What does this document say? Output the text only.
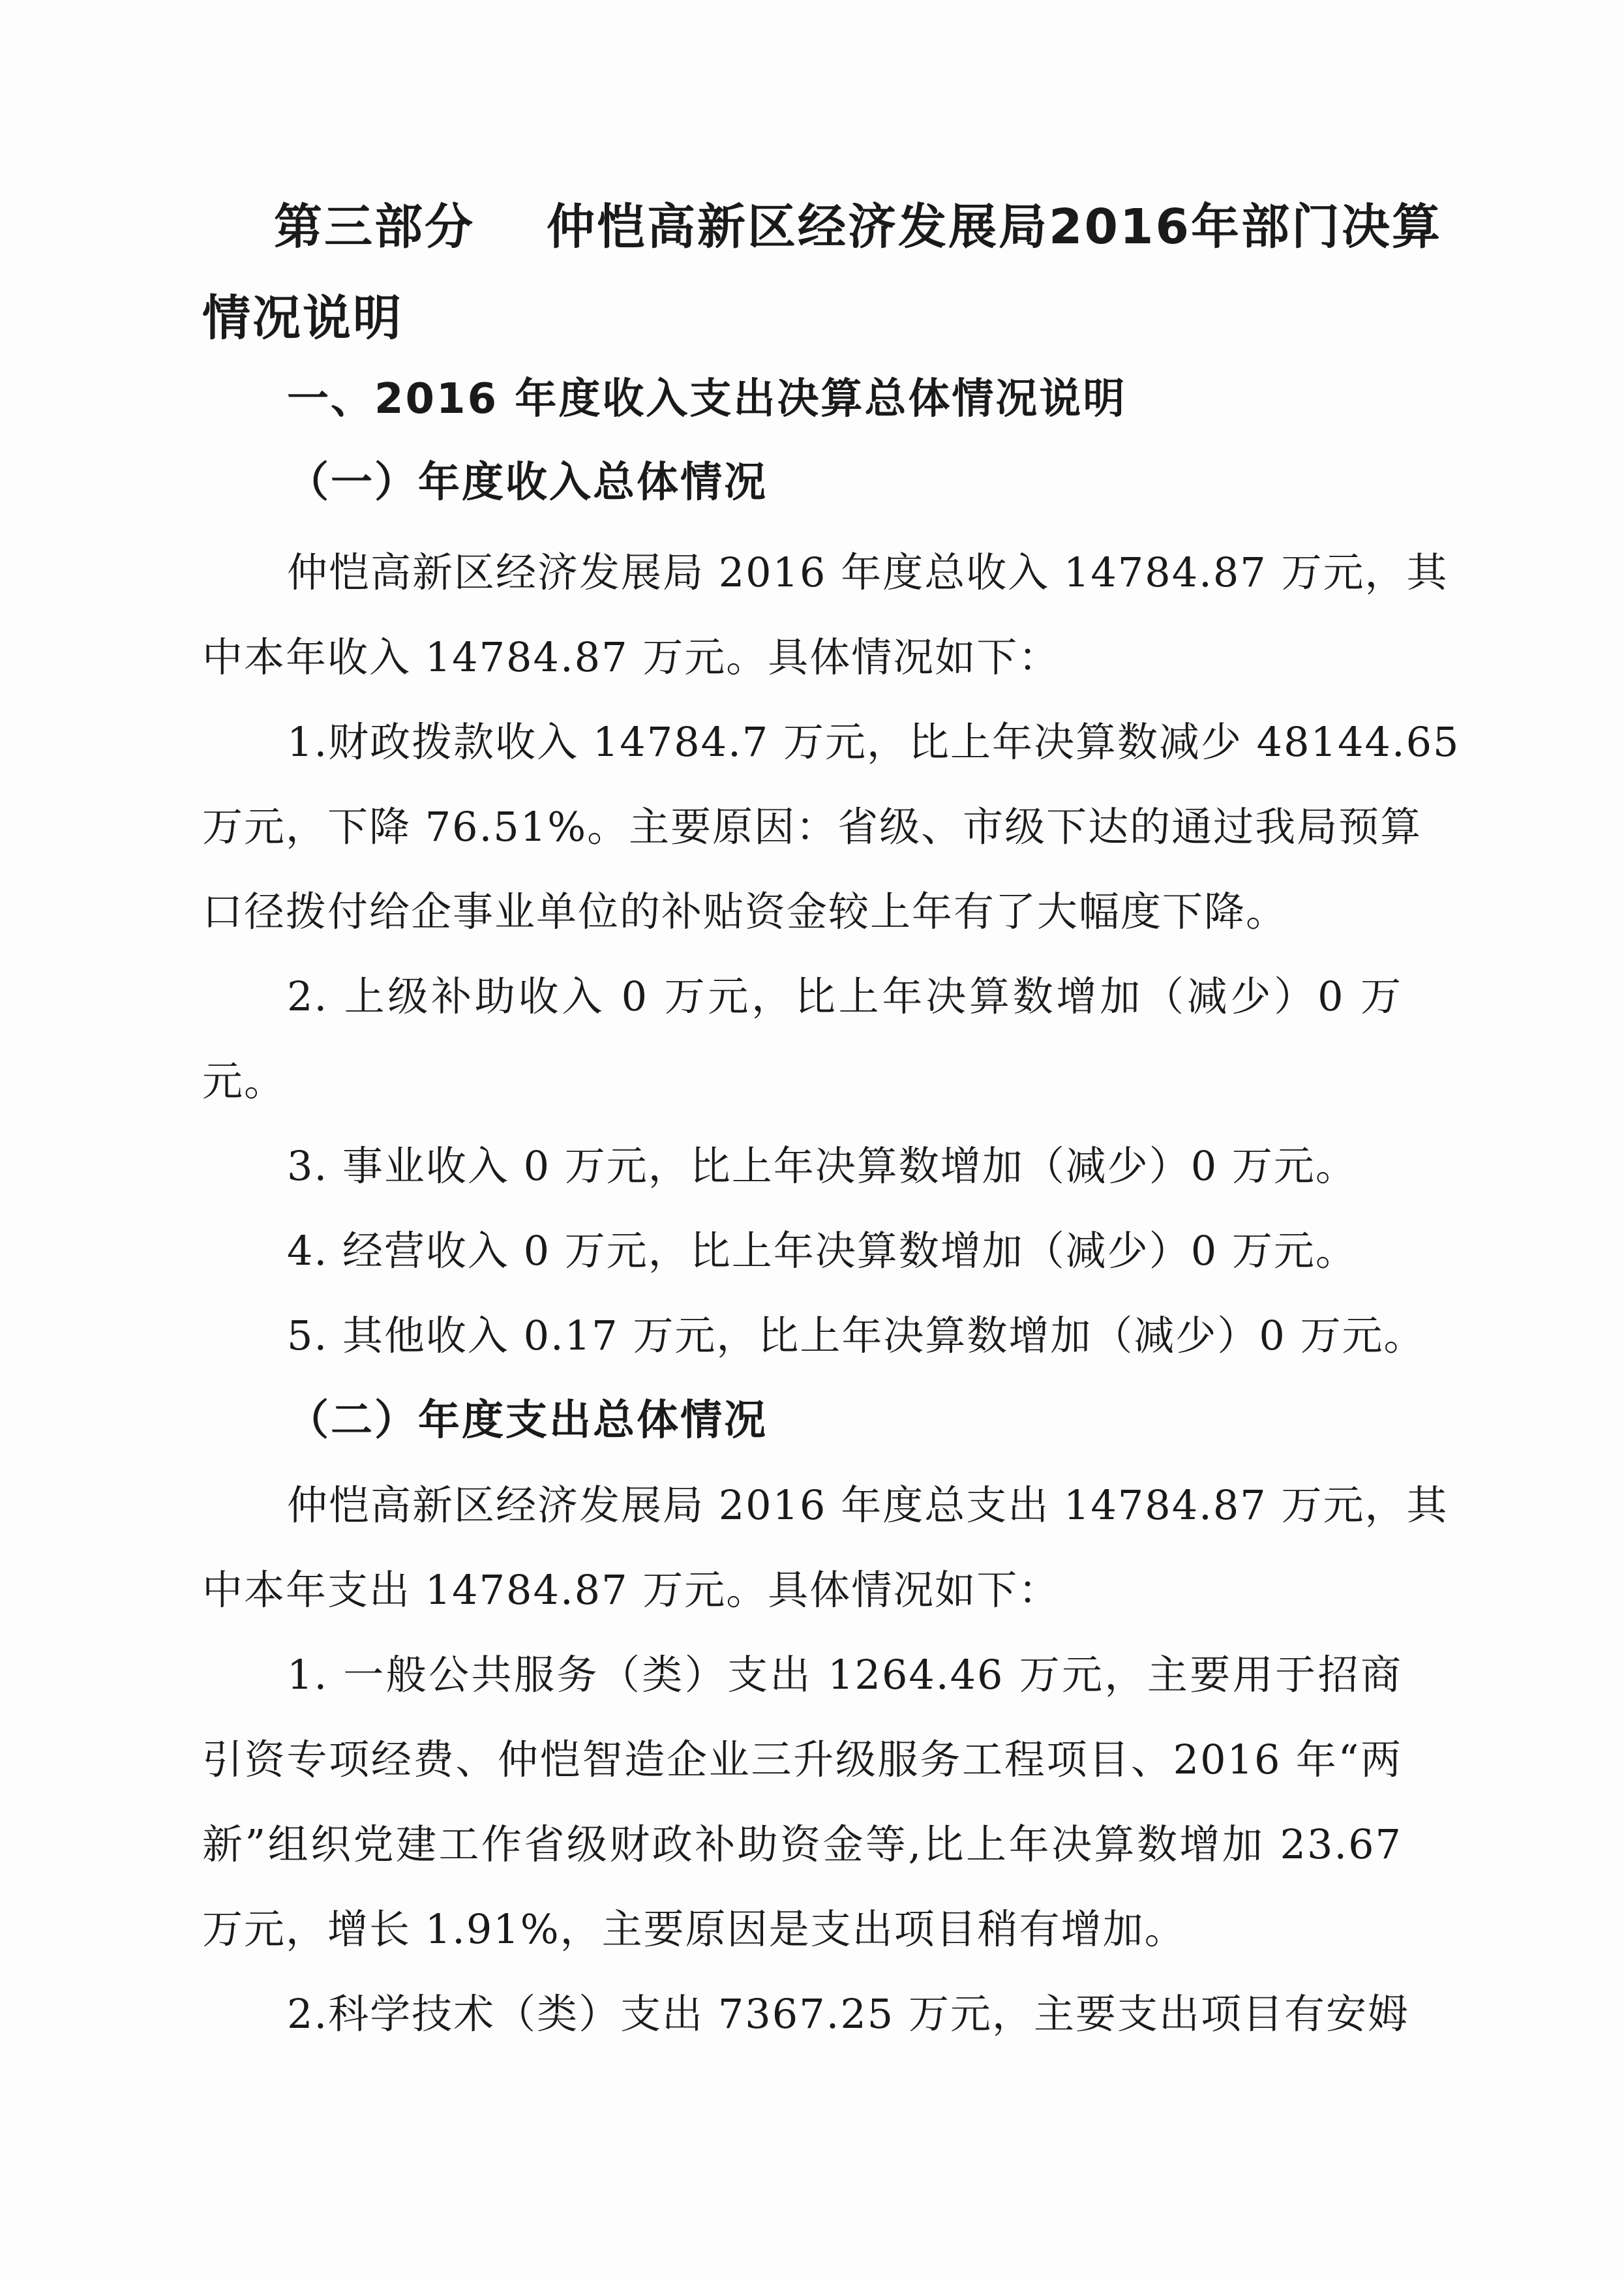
第三部分 仲恺高新区经济发展局2016年部门决算
情况说明
一、2016 年度收入支出决算总体情况说明
（一）年度收入总体情况
仲恺高新区经济发展局 2016 年度总收入 14784.87 万元，其
中本年收入 14784.87 万元。具体情况如下：
1.财政拨款收入 14784.7 万元，比上年决算数减少 48144.65
万元，下降 76.51%。主要原因：省级、市级下达的通过我局预算
口径拨付给企事业单位的补贴资金较上年有了大幅度下降。
2. 上级补助收入 0 万元，比上年决算数增加（减少）0 万
元。
3. 事业收入 0 万元，比上年决算数增加（减少）0 万元。
4. 经营收入 0 万元，比上年决算数增加（减少）0 万元。
5. 其他收入 0.17 万元，比上年决算数增加（减少）0 万元。
（二）年度支出总体情况
仲恺高新区经济发展局 2016 年度总支出 14784.87 万元，其
中本年支出 14784.87 万元。具体情况如下：
1. 一般公共服务（类）支出 1264.46 万元，主要用于招商
引资专项经费、仲恺智造企业三升级服务工程项目、2016 年“两
新”组织党建工作省级财政补助资金等,比上年决算数增加 23.67
万元，增长 1.91%，主要原因是支出项目稍有增加。
2.科学技术（类）支出 7367.25 万元，主要支出项目有安姆
